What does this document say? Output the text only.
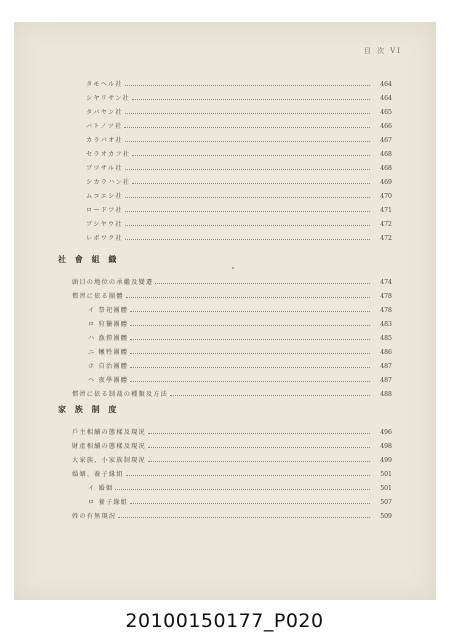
目 次 VI
タモヘル社	464
シヤリサン社	464
タバヤン社	465
バトノツ社	466
カラバオ社	467
セラオカフ社	468
ブツサル社	468
シカラハン社	469
ムコエシ社	470
ロードツ社	471
ブシヤウ社	472
レボワク社	472
社 會 組 織
頭目の地位の承繼及變遷	474
慣習に依る團體	478
イ 祭祀團體	478
ロ 狩獵團體	483
ハ 漁撈團體	485
ニ 犧牲團體	486
ホ 自治團體	487
ヘ 夜學團體	487
慣習に依る制裁の種類及方法	488
家 族 制 度
戶主相續の態樣及現況	496
財產相續の態樣及現況	498
大家族、小家族制現況	499
婚姻、養子緣組	501
イ 婚姻	501
ロ 養子緣組	507
姓の有無現況	509
20100150177_P020
